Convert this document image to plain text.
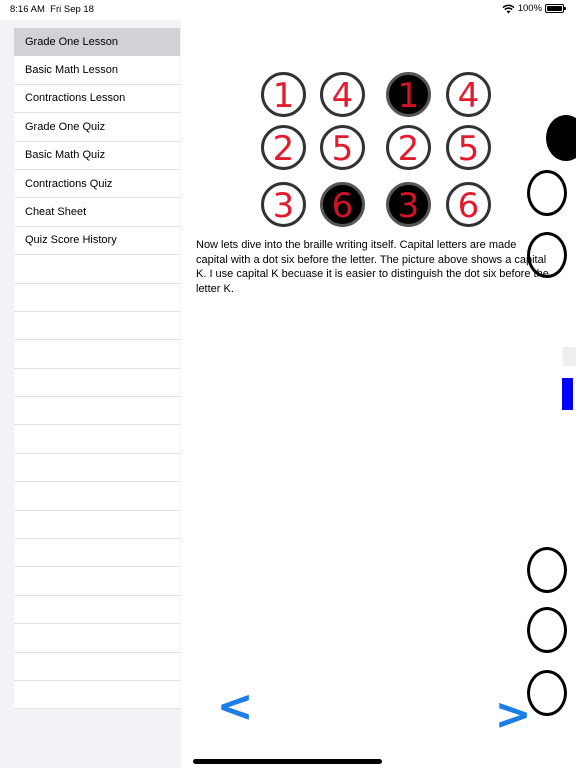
8:16 AM Fri Sep 18	100%
Grade One Lesson
Basic Math Lesson
Contractions Lesson
Grade One Quiz
Basic Math Quiz
Contractions Quiz
Cheat Sheet
Quiz Score History
1
2
3
4
5
6
1
2
3
4
5
6

Now lets dive into the braille writing itself. Capital letters are made capital with a dot six before the letter. The picture above shows a capital K. I use capital K becuase it is easier to distinguish the dot six before the letter K.

<	>
